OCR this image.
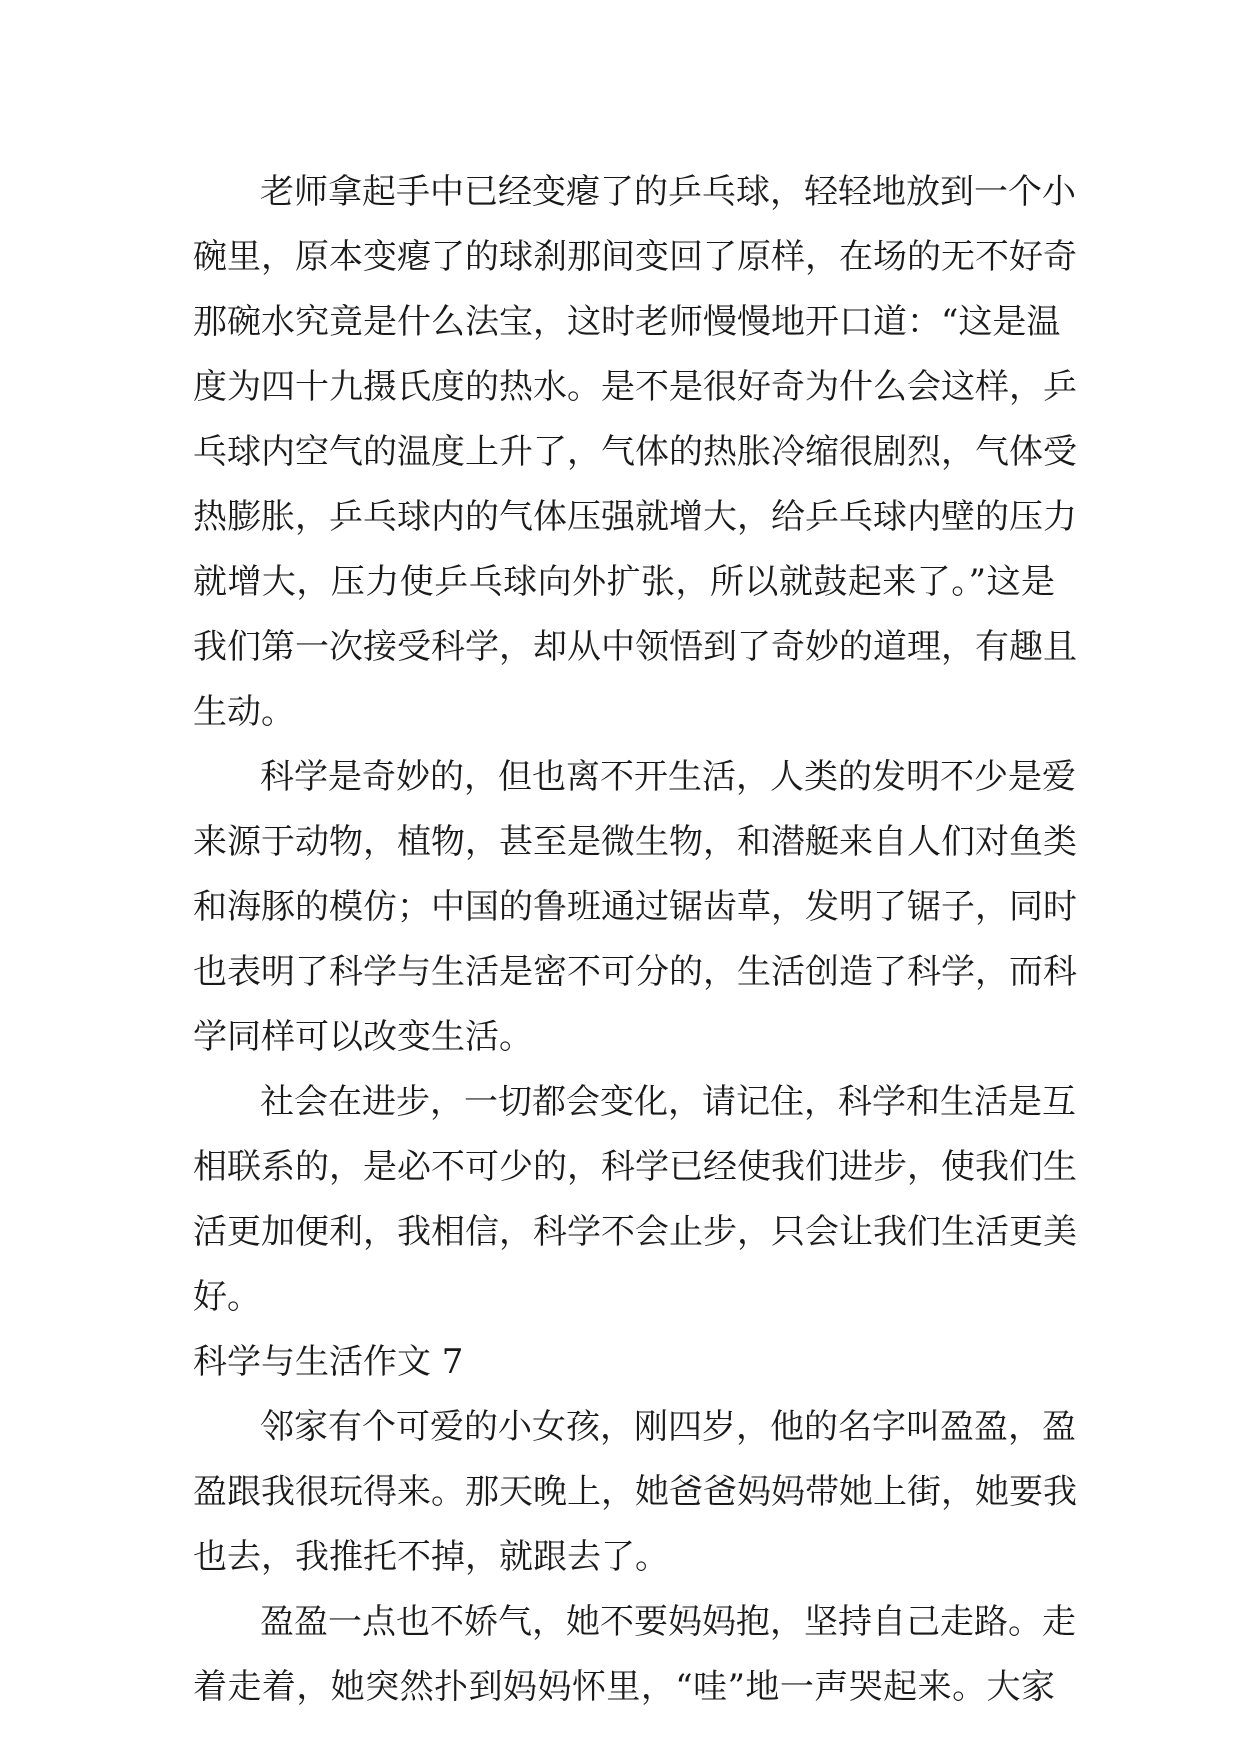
老师拿起手中已经变瘪了的乒乓球，轻轻地放到一个小
碗里，原本变瘪了的球刹那间变回了原样，在场的无不好奇
那碗水究竟是什么法宝，这时老师慢慢地开口道：“这是温
度为四十九摄氏度的热水。是不是很好奇为什么会这样，乒
乓球内空气的温度上升了，气体的热胀冷缩很剧烈，气体受
热膨胀，乒乓球内的气体压强就增大，给乒乓球内壁的压力
就增大，压力使乒乓球向外扩张，所以就鼓起来了。”这是
我们第一次接受科学，却从中领悟到了奇妙的道理，有趣且
生动。
科学是奇妙的，但也离不开生活，人类的发明不少是爱
来源于动物，植物，甚至是微生物，和潜艇来自人们对鱼类
和海豚的模仿；中国的鲁班通过锯齿草，发明了锯子，同时
也表明了科学与生活是密不可分的，生活创造了科学，而科
学同样可以改变生活。
社会在进步，一切都会变化，请记住，科学和生活是互
相联系的，是必不可少的，科学已经使我们进步，使我们生
活更加便利，我相信，科学不会止步，只会让我们生活更美
好。
科学与生活作文 7
邻家有个可爱的小女孩，刚四岁，他的名字叫盈盈，盈
盈跟我很玩得来。那天晚上，她爸爸妈妈带她上街，她要我
也去，我推托不掉，就跟去了。
盈盈一点也不娇气，她不要妈妈抱，坚持自己走路。走
着走着，她突然扑到妈妈怀里，“哇”地一声哭起来。大家
